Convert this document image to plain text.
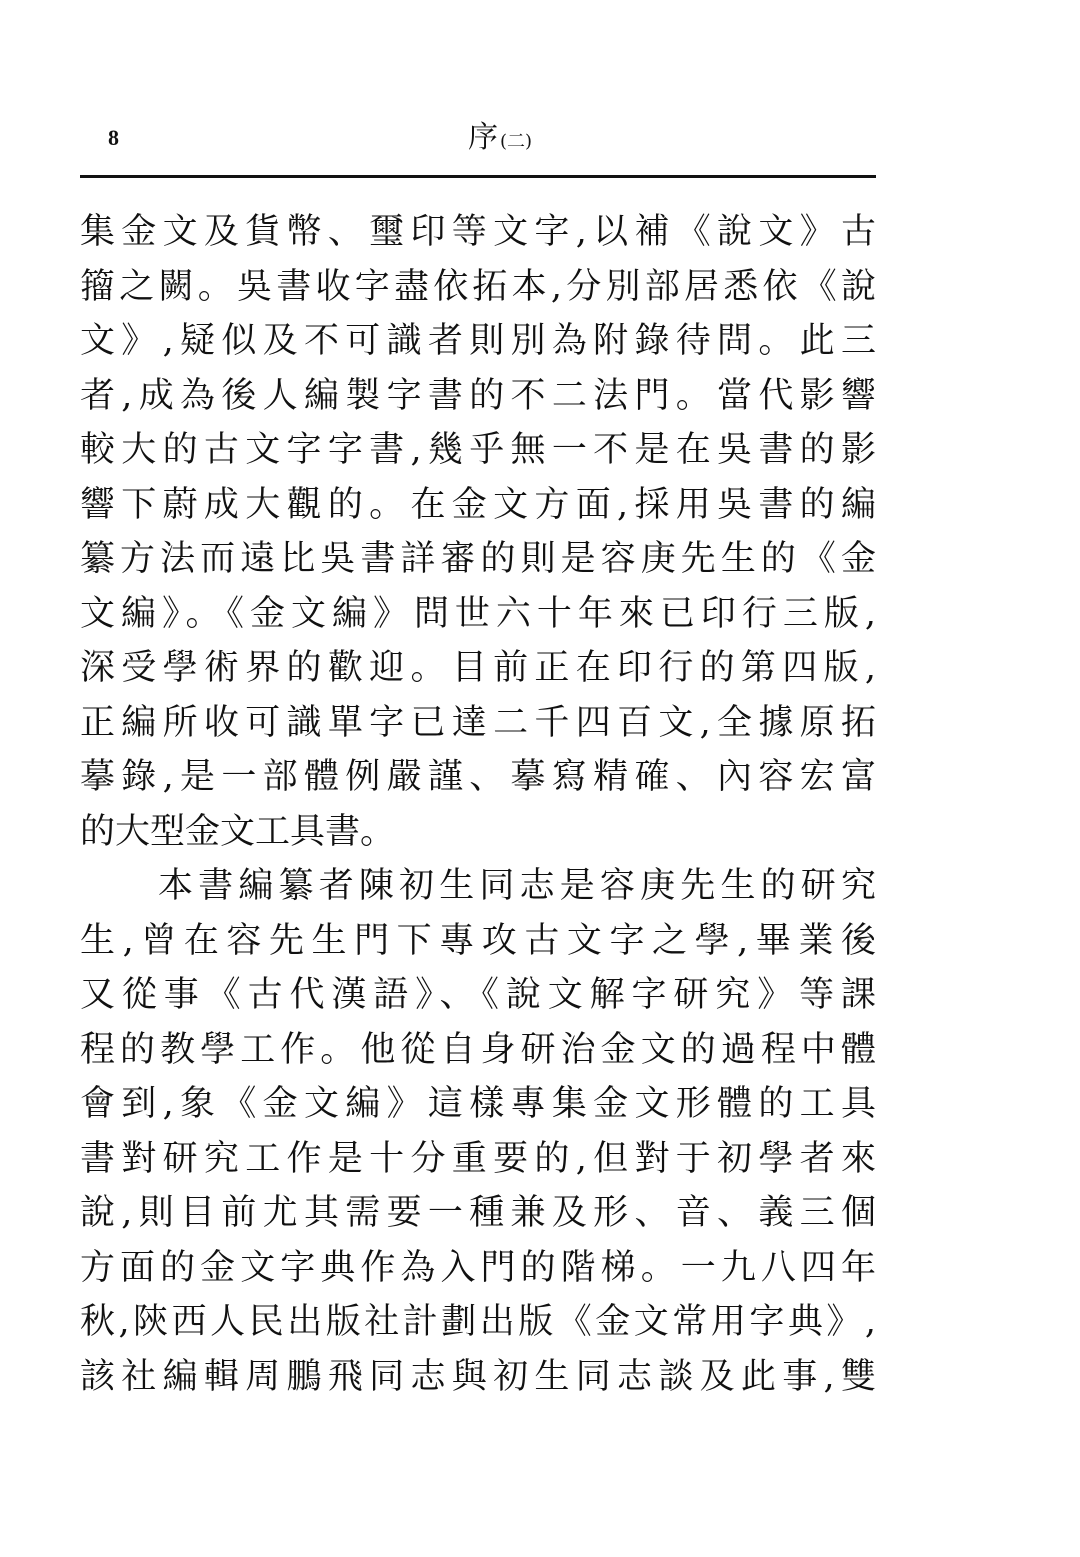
8	序 (二)
集金文及貨幣、璽印等文字,以補《說文》古
籀之闕。吳書收字盡依拓本,分別部居悉依《說
文》,疑似及不可識者則別為附錄待問。此三
者,成為後人編製字書的不二法門。當代影響
較大的古文字字書,幾乎無一不是在吳書的影
響下蔚成大觀的。在金文方面,採用吳書的編
纂方法而遠比吳書詳審的則是容庚先生的《金
文編》。《金文編》問世六十年來已印行三版,
深受學術界的歡迎。目前正在印行的第四版,
正編所收可識單字已達二千四百文,全據原拓
摹錄,是一部體例嚴謹、摹寫精確、內容宏富
的大型金文工具書。
本書編纂者陳初生同志是容庚先生的研究
生,曾在容先生門下專攻古文字之學,畢業後
又從事《古代漢語》、《說文解字研究》等課
程的教學工作。他從自身研治金文的過程中體
會到,象《金文編》這樣專集金文形體的工具
書對研究工作是十分重要的,但對于初學者來
說,則目前尤其需要一種兼及形、音、義三個
方面的金文字典作為入門的階梯。一九八四年
秋,陝西人民出版社計劃出版《金文常用字典》,
該社編輯周鵬飛同志與初生同志談及此事,雙
